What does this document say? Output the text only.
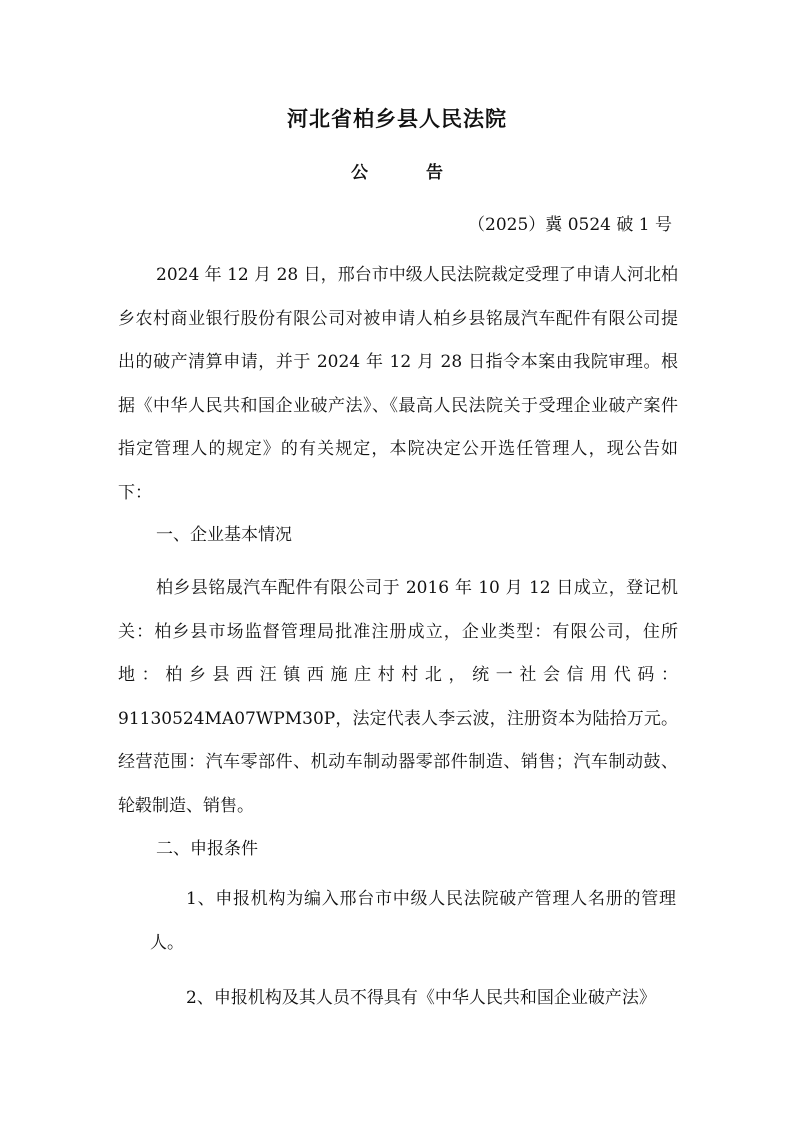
河北省柏乡县人民法院
公 告
（2025）冀 0524 破 1 号

2024 年 12 月 28 日，邢台市中级人民法院裁定受理了申请人河北柏乡农村商业银行股份有限公司对被申请人柏乡县铭晟汽车配件有限公司提出的破产清算申请，并于 2024 年 12 月 28 日指令本案由我院审理。根据《中华人民共和国企业破产法》、《最高人民法院关于受理企业破产案件指定管理人的规定》的有关规定，本院决定公开选任管理人，现公告如下：

一、企业基本情况

柏乡县铭晟汽车配件有限公司于 2016 年 10 月 12 日成立，登记机关：柏乡县市场监督管理局批准注册成立，企业类型：有限公司，住所地：柏乡县西汪镇西施庄村村北，统一社会信用代码：91130524MA07WPM30P，法定代表人李云波，注册资本为陆拾万元。经营范围：汽车零部件、机动车制动器零部件制造、销售；汽车制动鼓、轮毂制造、销售。

二、申报条件

1、申报机构为编入邢台市中级人民法院破产管理人名册的管理人。

2、申报机构及其人员不得具有《中华人民共和国企业破产法》
